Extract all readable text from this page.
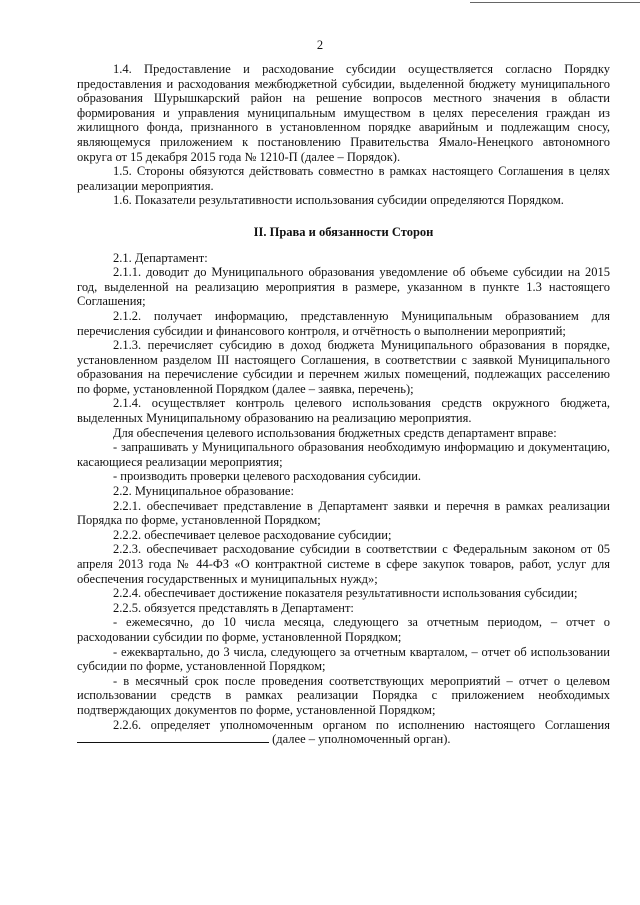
2

1.4. Предоставление и расходование субсидии осуществляется согласно Порядку предоставления и расходования межбюджетной субсидии, выделенной бюджету муниципального образования Шурышкарский район на решение вопросов местного значения в области формирования и управления муниципальным имуществом в целях переселения граждан из жилищного фонда, признанного в установленном порядке аварийным и подлежащим сносу, являющемуся приложением к постановлению Правительства Ямало-Ненецкого автономного округа от 15 декабря 2015 года № 1210-П (далее – Порядок).

1.5. Стороны обязуются действовать совместно в рамках настоящего Соглашения в целях реализации мероприятия.

1.6. Показатели результативности использования субсидии определяются Порядком.

II. Права и обязанности Сторон

2.1. Департамент:

2.1.1. доводит до Муниципального образования уведомление об объеме субсидии на 2015 год, выделенной на реализацию мероприятия в размере, указанном в пункте 1.3 настоящего Соглашения;

2.1.2. получает информацию, представленную Муниципальным образованием для перечисления субсидии и финансового контроля, и отчётность о выполнении мероприятий;

2.1.3. перечисляет субсидию в доход бюджета Муниципального образования в порядке, установленном разделом III настоящего Соглашения, в соответствии с заявкой Муниципального образования на перечисление субсидии и перечнем жилых помещений, подлежащих расселению по форме, установленной Порядком (далее – заявка, перечень);

2.1.4. осуществляет контроль целевого использования средств окружного бюджета, выделенных Муниципальному образованию на реализацию мероприятия.

Для обеспечения целевого использования бюджетных средств департамент вправе:

- запрашивать у Муниципального образования необходимую информацию и документацию, касающиеся реализации мероприятия;

- производить проверки целевого расходования субсидии.

2.2. Муниципальное образование:

2.2.1. обеспечивает представление в Департамент заявки и перечня в рамках реализации Порядка по форме, установленной Порядком;

2.2.2. обеспечивает целевое расходование субсидии;

2.2.3. обеспечивает расходование субсидии в соответствии с Федеральным законом от 05 апреля 2013 года № 44-ФЗ «О контрактной системе в сфере закупок товаров, работ, услуг для обеспечения государственных и муниципальных нужд»;

2.2.4. обеспечивает достижение показателя результативности использования субсидии;

2.2.5. обязуется представлять в Департамент:

- ежемесячно, до 10 числа месяца, следующего за отчетным периодом, – отчет о расходовании субсидии по форме, установленной Порядком;

- ежеквартально, до 3 числа, следующего за отчетным кварталом, – отчет об использовании субсидии по форме, установленной Порядком;

- в месячный срок после проведения соответствующих мероприятий – отчет о целевом использовании средств в рамках реализации Порядка с приложением необходимых подтверждающих документов по форме, установленной Порядком;

2.2.6. определяет уполномоченным органом по исполнению настоящего Соглашения  (далее – уполномоченный орган).
